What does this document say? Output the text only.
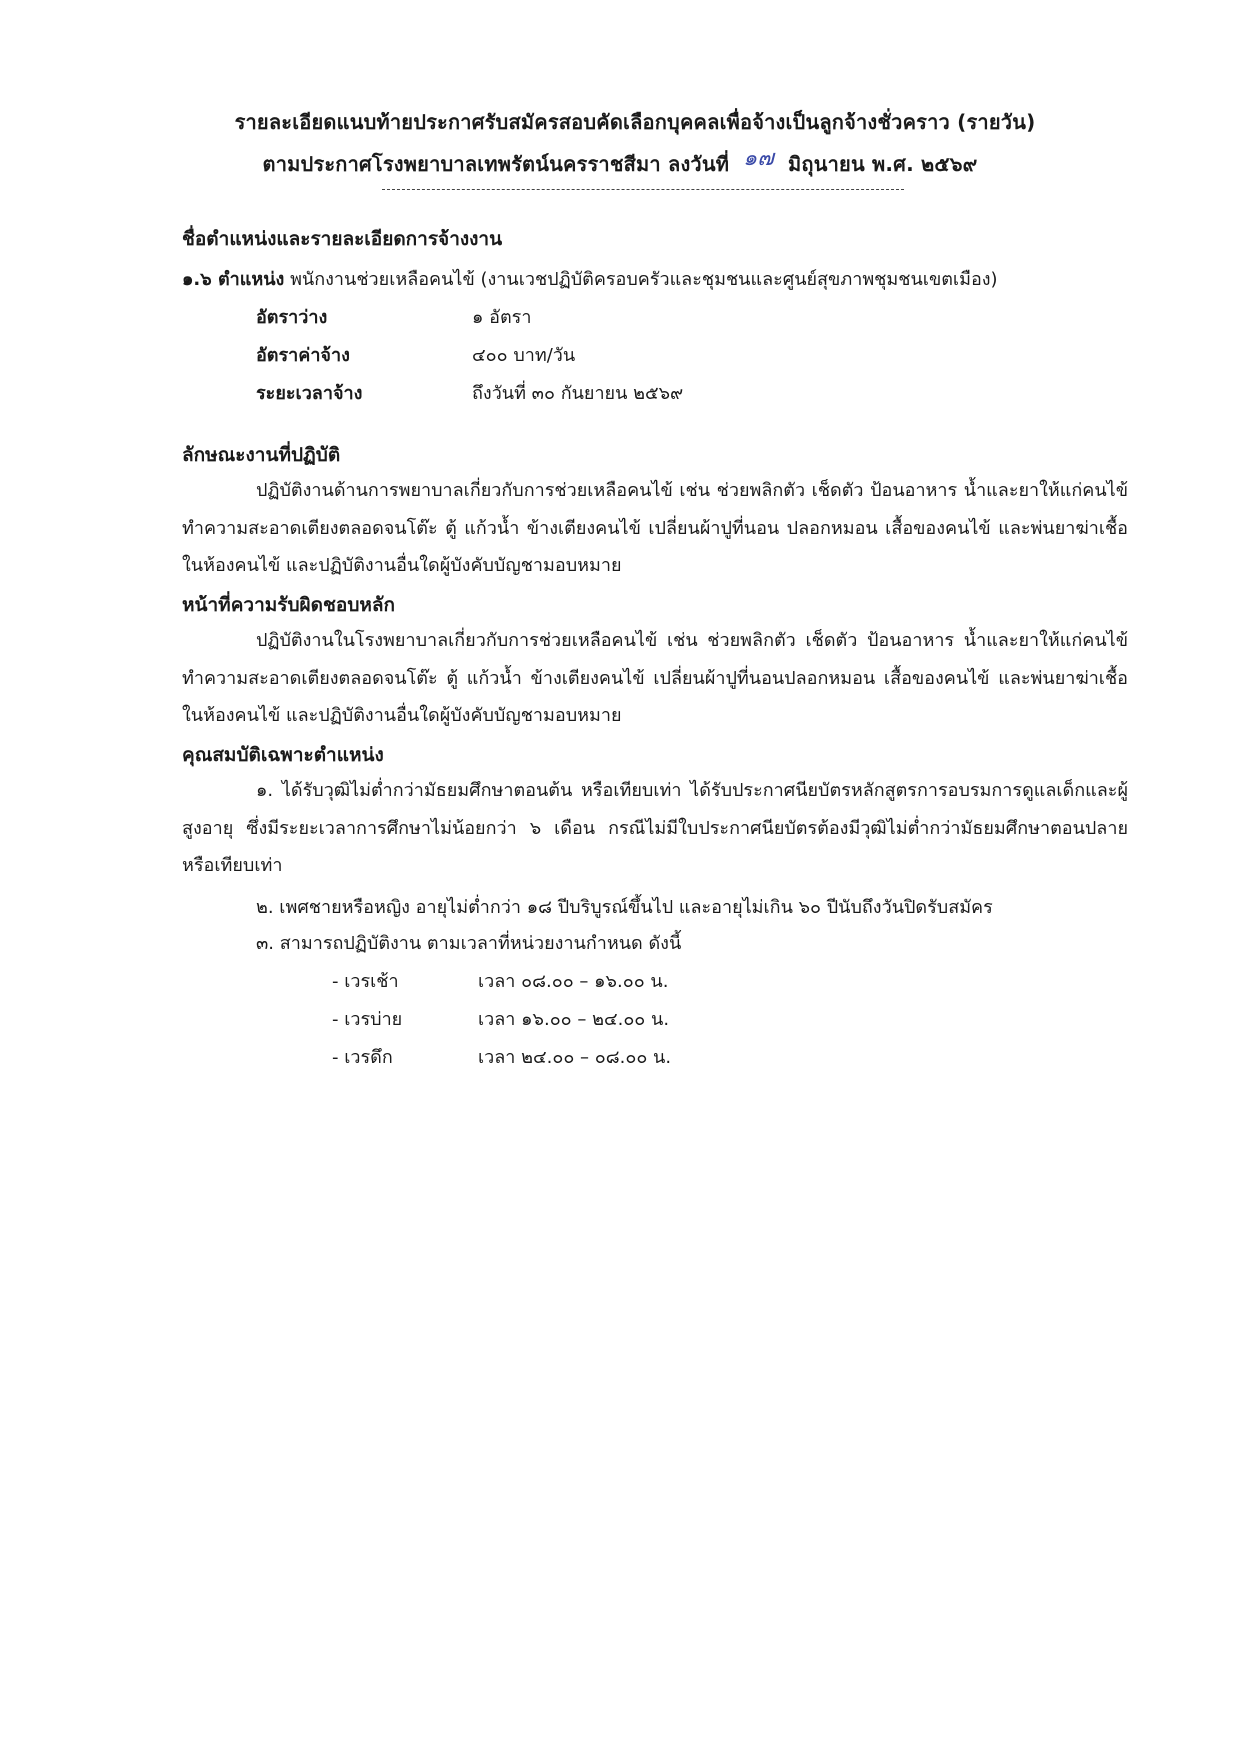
รายละเอียดแนบท้ายประกาศรับสมัครสอบคัดเลือกบุคคลเพื่อจ้างเป็นลูกจ้างชั่วคราว (รายวัน)
ตามประกาศโรงพยาบาลเทพรัตน์นครราชสีมา ลงวันที่ ๑๗ มิถุนายน พ.ศ. ๒๕๖๙
ชื่อตำแหน่งและรายละเอียดการจ้างงาน
๑.๖ ตำแหน่ง พนักงานช่วยเหลือคนไข้ (งานเวชปฏิบัติครอบครัวและชุมชนและศูนย์สุขภาพชุมชนเขตเมือง)
อัตราว่าง	๑ อัตรา
อัตราค่าจ้าง	๔๐๐ บาท/วัน
ระยะเวลาจ้าง	ถึงวันที่ ๓๐ กันยายน ๒๕๖๙
ลักษณะงานที่ปฏิบัติ
ปฏิบัติงานด้านการพยาบาลเกี่ยวกับการช่วยเหลือคนไข้ เช่น ช่วยพลิกตัว เช็ดตัว ป้อนอาหาร น้ำและยาให้แก่คนไข้ ทำความสะอาดเตียงตลอดจนโต๊ะ ตู้ แก้วน้ำ ข้างเตียงคนไข้ เปลี่ยนผ้าปูที่นอน ปลอกหมอน เสื้อของคนไข้ และพ่นยาฆ่าเชื้อในห้องคนไข้ และปฏิบัติงานอื่นใดผู้บังคับบัญชามอบหมาย
หน้าที่ความรับผิดชอบหลัก
ปฏิบัติงานในโรงพยาบาลเกี่ยวกับการช่วยเหลือคนไข้ เช่น ช่วยพลิกตัว เช็ดตัว ป้อนอาหาร น้ำและยาให้แก่คนไข้ ทำความสะอาดเตียงตลอดจนโต๊ะ ตู้ แก้วน้ำ ข้างเตียงคนไข้ เปลี่ยนผ้าปูที่นอนปลอกหมอน เสื้อของคนไข้ และพ่นยาฆ่าเชื้อในห้องคนไข้ และปฏิบัติงานอื่นใดผู้บังคับบัญชามอบหมาย
คุณสมบัติเฉพาะตำแหน่ง
๑. ได้รับวุฒิไม่ต่ำกว่ามัธยมศึกษาตอนต้น หรือเทียบเท่า ได้รับประกาศนียบัตรหลักสูตรการอบรมการดูแลเด็กและผู้สูงอายุ ซึ่งมีระยะเวลาการศึกษาไม่น้อยกว่า ๖ เดือน กรณีไม่มีใบประกาศนียบัตรต้องมีวุฒิไม่ต่ำกว่ามัธยมศึกษาตอนปลาย หรือเทียบเท่า
๒. เพศชายหรือหญิง อายุไม่ต่ำกว่า ๑๘ ปีบริบูรณ์ขึ้นไป และอายุไม่เกิน ๖๐ ปีนับถึงวันปิดรับสมัคร
๓. สามารถปฏิบัติงาน ตามเวลาที่หน่วยงานกำหนด ดังนี้
- เวรเช้า	เวลา ๐๘.๐๐ – ๑๖.๐๐ น.
- เวรบ่าย	เวลา ๑๖.๐๐ – ๒๔.๐๐ น.
- เวรดึก	เวลา ๒๔.๐๐ – ๐๘.๐๐ น.
